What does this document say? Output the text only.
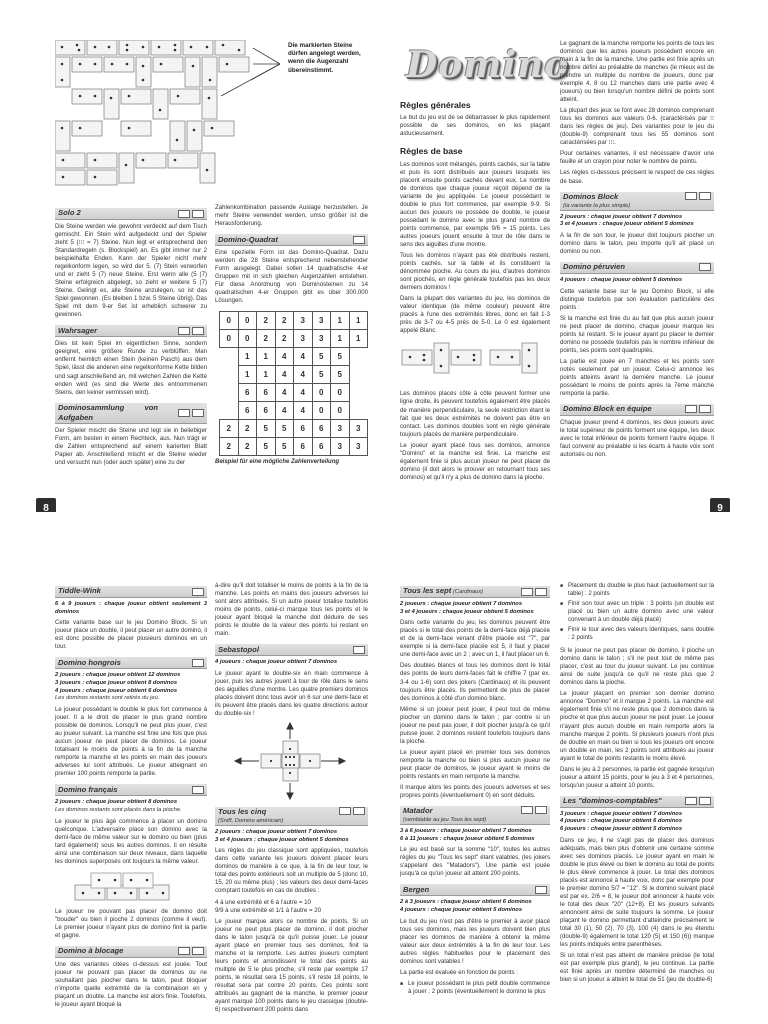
Die markierten Steine dürfen angelegt werden, wenn die Augenzahl übereinstimmt.
Solo 2

Die Steine werden wie gewohnt verdeckt auf dem Tisch gemischt. Ein Stein wird aufgedeckt und der Spieler zieht 5 (⁝⁝⁝ = 7) Steine. Nun legt er entsprechend den Standardregeln (s. Blockspiel) an. Es gibt immer nur 2 beispielhafte Enden. Kann der Spieler nicht mehr regelkonform legen, so wird der 5. (7) Stein verworfen und er zieht 5 (7) neue Steine. Erst wenn alle (5 (7) Steine erfolgreich abgelegt, so zieht er weitere 5 (7) Steine. Gelingt es, alle Steine anzulegen, so ist das Spiel gewonnen. (Es bleiben 1 bzw. 5 Steine übrig). Das Spiel mit dem 9-er Set ist erheblich schwerer zu gewinnen.

Wahrsager

Dies ist kein Spiel im eigentlichen Sinne, sondern geeignet, eine größere Runde zu verblüffen. Man entfernt heimlich einen Stein (keinen Pasch) aus dem Spiel, lässt die anderen eine regelkonforme Kette bilden und sagt anschließend an, mit welchen Zahlen die Kette enden wird (es sind die Werte des entnommenen Steins, den keiner vermissen wird).

Dominosammlung von Aufgaben

Der Spieler mischt die Steine und legt sie in beliebiger Form, am besten in einem Rechteck, aus. Nun trägt er die Zahlen entsprechend auf einem karierten Blatt Papier ab. Anschließend mischt er die Steine wieder und versucht nun (oder auch später) eine zu der

Zahlenkombination passende Auslage herzustellen. Je mehr Steine verwendet werden, umso größer ist die Herausforderung.

Domino-Quadrat

Eine spezielle Form ist das Domino-Quadrat. Dazu werden die 28 Steine entsprechend nebenstehender Form ausgelegt. Dabei sollen 14 quadratische 4-er Gruppen mit in sich gleichen Augenzahlen entstehen. Für diese Anordnung von Dominosteinen zu 14 quadratischen 4-er Gruppen gibt es über 300.000 Lösungen.

0	0	2	2	3	3	1	1
0	0	2	2	3	3	1	1
	1	1	4	4	5	5	
	1	1	4	4	5	5	
	6	6	4	4	0	0	
	6	6	4	4	0	0	
2	2	5	5	6	6	3	3
2	2	5	5	6	6	3	3
Beispiel für eine mögliche Zahlenverteilung
8
Domino
Règles générales

Le but du jeu est de se débarrasser le plus rapidement possible de ses dominos, en les plaçant astucieusement.

Règles de base

Les dominos sont mélangés, points cachés, sur la table et puis ils sont distribués aux joueurs lesquels les placent ensuite points cachés devant eux. Le nombre de dominos que chaque joueur reçoit dépend de la variante de jeu appliquée. Le joueur possédant le double le plus fort commence, par exemple 9-9. Si aucun des joueurs ne possède de double, le joueur possédant le domino avec le plus grand nombre de points commence, par exemple 9/6 = 15 points. Les autres joueurs jouent ensuite à tour de rôle dans le sens des aiguilles d'une montre.

Tous les dominos n'ayant pas été distribués restent, points cachés, sur la table et ils constituent la dénommée pioche. Au cours du jeu, d'autres dominos sont piochés, en règle générale toutefois pas les deux derniers dominos !

Dans la plupart des variantes du jeu, les dominos de valeur identique (de même couleur) peuvent être placés à l'une des extrémités libres, donc en fait 1-3 près de 3-7 ou 4-5 près de 5-0. Le 0 est également appelé Blanc.

Les dominos placés côte à côte peuvent former une ligne droite, ils peuvent toutefois également être placés de manière perpendiculaire, la seule restriction étant le fait que les deux extrémités ne doivent pas être en contact. Les dominos doubles sont en règle générale toujours placés de manière perpendiculaire.

Le joueur ayant placé tous ses dominos, annonce "Domino" et la manche est finie. La manche est également finie si plus aucun joueur ne peut placer de domino (il doit alors le prouver en retournant tous ses dominos) et qu'il n'y a plus de domino dans la pioche.

Le gagnant de la manche remporte les points de tous les dominos que les autres joueurs possèdent encore en main à la fin de la manche. Une partie est finie après un nombre défini au préalable de manches (le mieux est de prendre un multiple du nombre de joueurs, donc par exemple 4, 8 ou 12 manches dans une partie avec 4 joueurs) ou bien lorsqu'un nombre défini de points sont atteint.

La plupart des jeux se font avec 28 dominos comprenant tous les dominos aux valeurs 0-6. (caractérisés par ⁝⁝ dans les règles de jeu). Des variantes pour le jeu du (double-9) comprenant tous les 55 dominos sont caractérisées par ⁝⁝⁝.

Pour certaines variantes, il est nécessaire d'avoir une feuille et un crayon pour noter le nombre de points.

Les règles ci-dessous précisent le respect de ces règles de base.

Dominos Block
(la variante la plus simple)
2 joueurs : chaque joueur obtient 7 dominos
3 et 4 joueurs : chaque joueur obtient 5 dominos

A la fin de son tour, le joueur doit toujours piocher un domino dans le talon, peu importe qu'il ait placé un domino ou non.

Domino péruvien
4 joueurs : chaque joueur obtient 5 dominos

Cette variante base sur le jeu Domino Block, si elle distingue toutefois par son évaluation particulière des points :

Si la manche est finie du au fait que plus aucun joueur ne peut placer de domino, chaque joueur marque les points lui restant. Si le joueur ayant pu placer le dernier domino ne possède toutefois pas le nombre inférieur de points, ses points sont quadruplés.

La partie est jouée en 7 manches et les points sont notés seulement par un joueur. Celui-ci annonce les points atteints avant la dernière manche. Le joueur possédant le moins de points après la 7ème manche remporte la partie.

Domino Block en équipe

Chaque joueur prend 4 dominos, les deux joueurs avec le total supérieur de points forment une équipe, les deux avec le total inférieur de points forment l'autre équipe. Il faut convenir au préalable si les écarts à haute voix sont autorisés ou non.

9
Tiddle-Wink
6 à 9 joueurs : chaque joueur obtient seulement 3 dominos

Cette variante base sur le jeu Domino Block. Si un joueur place un double, il peut placer un autre domino, il est donc possible de placer plusieurs dominos en un tour.

Domino hongrois
2 joueurs : chaque joueur obtient 12 dominos
3 joueurs : chaque joueur obtient 8 dominos
4 joueurs : chaque joueur obtient 6 dominos
Les dominos restants sont retirés du jeu.

Le joueur possédant le double le plus fort commence à jouer. Il a le droit de placer le plus grand nombre possible de dominos. Lorsqu'il ne peut plus jouer, c'est au joueur suivant. La manche est finie une fois que plus aucun joueur ne peut placer de dominos. Le joueur totalisant le moins de points à la fin de la manche remporte la manche et les points en main des joueurs adverses lui sont attribués. Le joueur atteignant en premier 100 points remporte la partie.

Domino français
2 joueurs : chaque joueur obtient 8 dominos
Les dominos restants sont placés dans la pioche.

Le joueur le plus âgé commence à placer un domino quelconque. L'adversaire place son domino avec la demi-face de même valeur sur le domino ou bien (plus tard également) sous les autres dominos. Il en résulte ainsi une combinaison sur deux niveaux, dans laquelle les dominos superposés ont toujours la même valeur.

Le joueur ne pouvant pas placer de domino doit "bouder" ou bien il pioche 2 dominos (comme il veut). Le premier joueur n'ayant plus de domino finit la partie et gagne.

Domino à blocage

Une des variantes citées ci-dessus est jouée. Tout joueur ne pouvant pas placer de dominos ou ne souhaitant pas piocher dans le talon, peut bloquer n'importe quelle extrémité de la combinaison en y plaçant un double. La manche est alors finie. Toutefois, le joueur ayant bloqué la

à-dire qu'il doit totaliser le moins de points à la fin de la manche. Les points en mains des joueurs adverses lui sont alors attribués. Si un autre joueur totalise toutefois moins de points, celui-ci marque tous les points et le joueur ayant bloqué la manche doit déduire de ses points le double de la valeur des points lui restant en main.

Sebastopol
4 joueurs : chaque joueur obtient 7 dominos

Le joueur ayant le double-six en main commence à jouer, puis les autres jouent à tour de rôle dans le sens des aiguilles d'une montre. Les quatre premiers dominos placés doivent donc tous avoir un 6 sur une demi-face et ils peuvent être placés dans les quatre directions autour du double-six !

Tous les cinq
(Sniff, Domino américain)
2 joueurs : chaque joueur obtient 7 dominos
3 et 4 joueurs : chaque joueur obtient 5 dominos

Les règles du jeu classique sont appliquées, toutefois dans cette variante les joueurs doivent placer leurs dominos de manière à ce que, à la fin de leur tour, le total des points extérieurs soit un multiple de 5 (donc 10, 15, 20 ou même plus) ; les valeurs des deux demi-faces comptant toutefois en cas de doubles :

4 à une extrémité et 6 à l'autre = 10

9/9 à une extrémité et 1/1 à l'autre = 20

Le joueur marque alors ce nombre de points. Si un joueur ne peut plus placer de domino, il doit piocher dans le talon jusqu'à ce qu'il puisse jouer. Le joueur ayant placé en premier tous ses dominos, finit la manche et la remporte. Les autres joueurs comptent leurs points et arrondissent le total des points au multiple de 5 le plus proche, s'il reste par exemple 17 points, le résultat sera 15 points, s'il reste 18 points, le résultat sera par contre 20 points. Ces points sont attribués au gagnant de la manche, le premier joueur ayant marqué 100 points dans le jeu classique (double-6) respectivement 200 points dans

Tous les sept (Cardinaux)
2 joueurs : chaque joueur obtient 7 dominos
3 et 4 joueurs : chaque joueur obtient 5 dominos

Dans cette variante du jeu, les dominos peuvent être placés si le total des points de la demi-face déjà placée et de la demi-face venant d'être placée est "7", par exemple si la demi-face placée est 5, il faut y placer une demi-face avec un 2 ; avec un 1, il faut placer un 6.

Des doubles blancs et tous les dominos dont le total des points de leurs demi-faces fait le chiffre 7 (par ex. 3-4 ou 1-6) sont des jokers (Cardinaux) et ils peuvent toujours être placés. Ils permettent de plus de placer des dominos à côté d'un domino blanc.

Même si un joueur peut jouer, il peut tout de même piocher un domino dans le talon ; par contre si un joueur ne peut pas jouer, il doit piocher jusqu'à ce qu'il puisse jouer. 2 dominos restent toutefois toujours dans la pioche.

Le joueur ayant placé en premier tous ses dominos remporte la manche ou bien si plus aucun joueur ne peut placer de dominos, le joueur ayant le moins de points restants en main remporte la manche.

Il marque alors les points des joueurs adverses et ses propres points (éventuellement 0) en sont déduits.

Matador
(semblable au jeu Tous les sept)
3 à 6 joueurs : chaque joueur obtient 7 dominos
6 à 11 joueurs : chaque joueur obtient 5 dominos

Le jeu est basé sur la somme "10", toutes les autres règles du jeu "Tous les sept" étant valables, (les jokers s'appelant des "Matadors"). Une partie est jouée jusqu'à ce qu'un joueur ait atteint 200 points.

Bergen
2 à 3 joueurs : chaque joueur obtient 6 dominos
4 joueurs : chaque joueur obtient 5 dominos

Le but du jeu n'est pas d'être le premier à avoir placé tous ses dominos, mais les joueurs doivent bien plus placer les dominos de manière à obtenir la même valeur aux deux extrémités à la fin de leur tour. Les autres règles habituelles pour le placement des dominos sont valables !

La partie est évaluée en fonction de points :

■ Le joueur possédant le plus petit double commence à jouer : 2 points (éventuellement le domino le plus
■ Placement du double le plus haut (actuellement sur la table) : 2 points
■ Finir son tour avec un triple : 3 points (un double est placé ou bien un autre domino avec une valeur convenant à un double déjà placé)
■ Finir le tour avec des valeurs identiques, sans double : 2 points

Si le joueur ne peut pas placer de domino, il pioche un domino dans le talon ; s'il ne peut tout de même pas placer, c'est au tour du joueur suivant. Le jeu continue ainsi de suite jusqu'à ce qu'il ne reste plus que 2 dominos dans la pioche.

Le joueur plaçant en premier son dernier domino annonce "Domino" et il marque 2 points. La manche est également finie s'il ne reste plus que 2 dominos dans la pioche et que plus aucun joueur ne peut jouer. Le joueur n'ayant plus aucun double en main remporte alors la manche marque 2 points. Si plusieurs joueurs n'ont plus de double en main ou bien si tous les joueurs ont encore un double en main, les 2 points sont attribués au joueur ayant le total de points restants le moins élevé.

Dans le jeu à 2 personnes, la partie est gagnée lorsqu'un joueur a atteint 15 points, pour le jeu à 3 et 4 personnes, lorsqu'un joueur a atteint 10 points.

Les "dominos-comptables"
3 joueurs : chaque joueur obtient 7 dominos
4 joueurs : chaque joueur obtient 6 dominos
6 joueurs : chaque joueur obtient 5 dominos

Dans ce jeu, il ne s'agit pas de placer des dominos adéquats, mais bien plus d'obtenir une certaine somme avec ses dominos placés. Le joueur ayant en main le double le plus élevé ou bien le domino au total de points le plus élevé commence à jouer. Le total des dominos placés est annoncé à haute voix, donc par exemple pour le premier domino 5/7 = "12". Si le domino suivant placé est par ex. 2/6 = 8, le joueur doit annoncer à haute voix le total des deux "20" (12+8). Et les joueurs suivants annoncent ainsi de suite toujours la somme. Le joueur plaçant le domino permettant d'atteindre précisément le total 30 (1), 50 (2), 70 (3), 100 (4) dans le jeu étendu (double-9) également le total 120 (5) et 150 (6)) marque les points indiqués entre parenthèses.

Si un total n'est pas atteint de manière précise (le total est par exemple plus grand), le jeu continue. La partie est finie après un nombre déterminé de manches ou bien si un joueur a atteint le total de 51 (jeu de double-6)
